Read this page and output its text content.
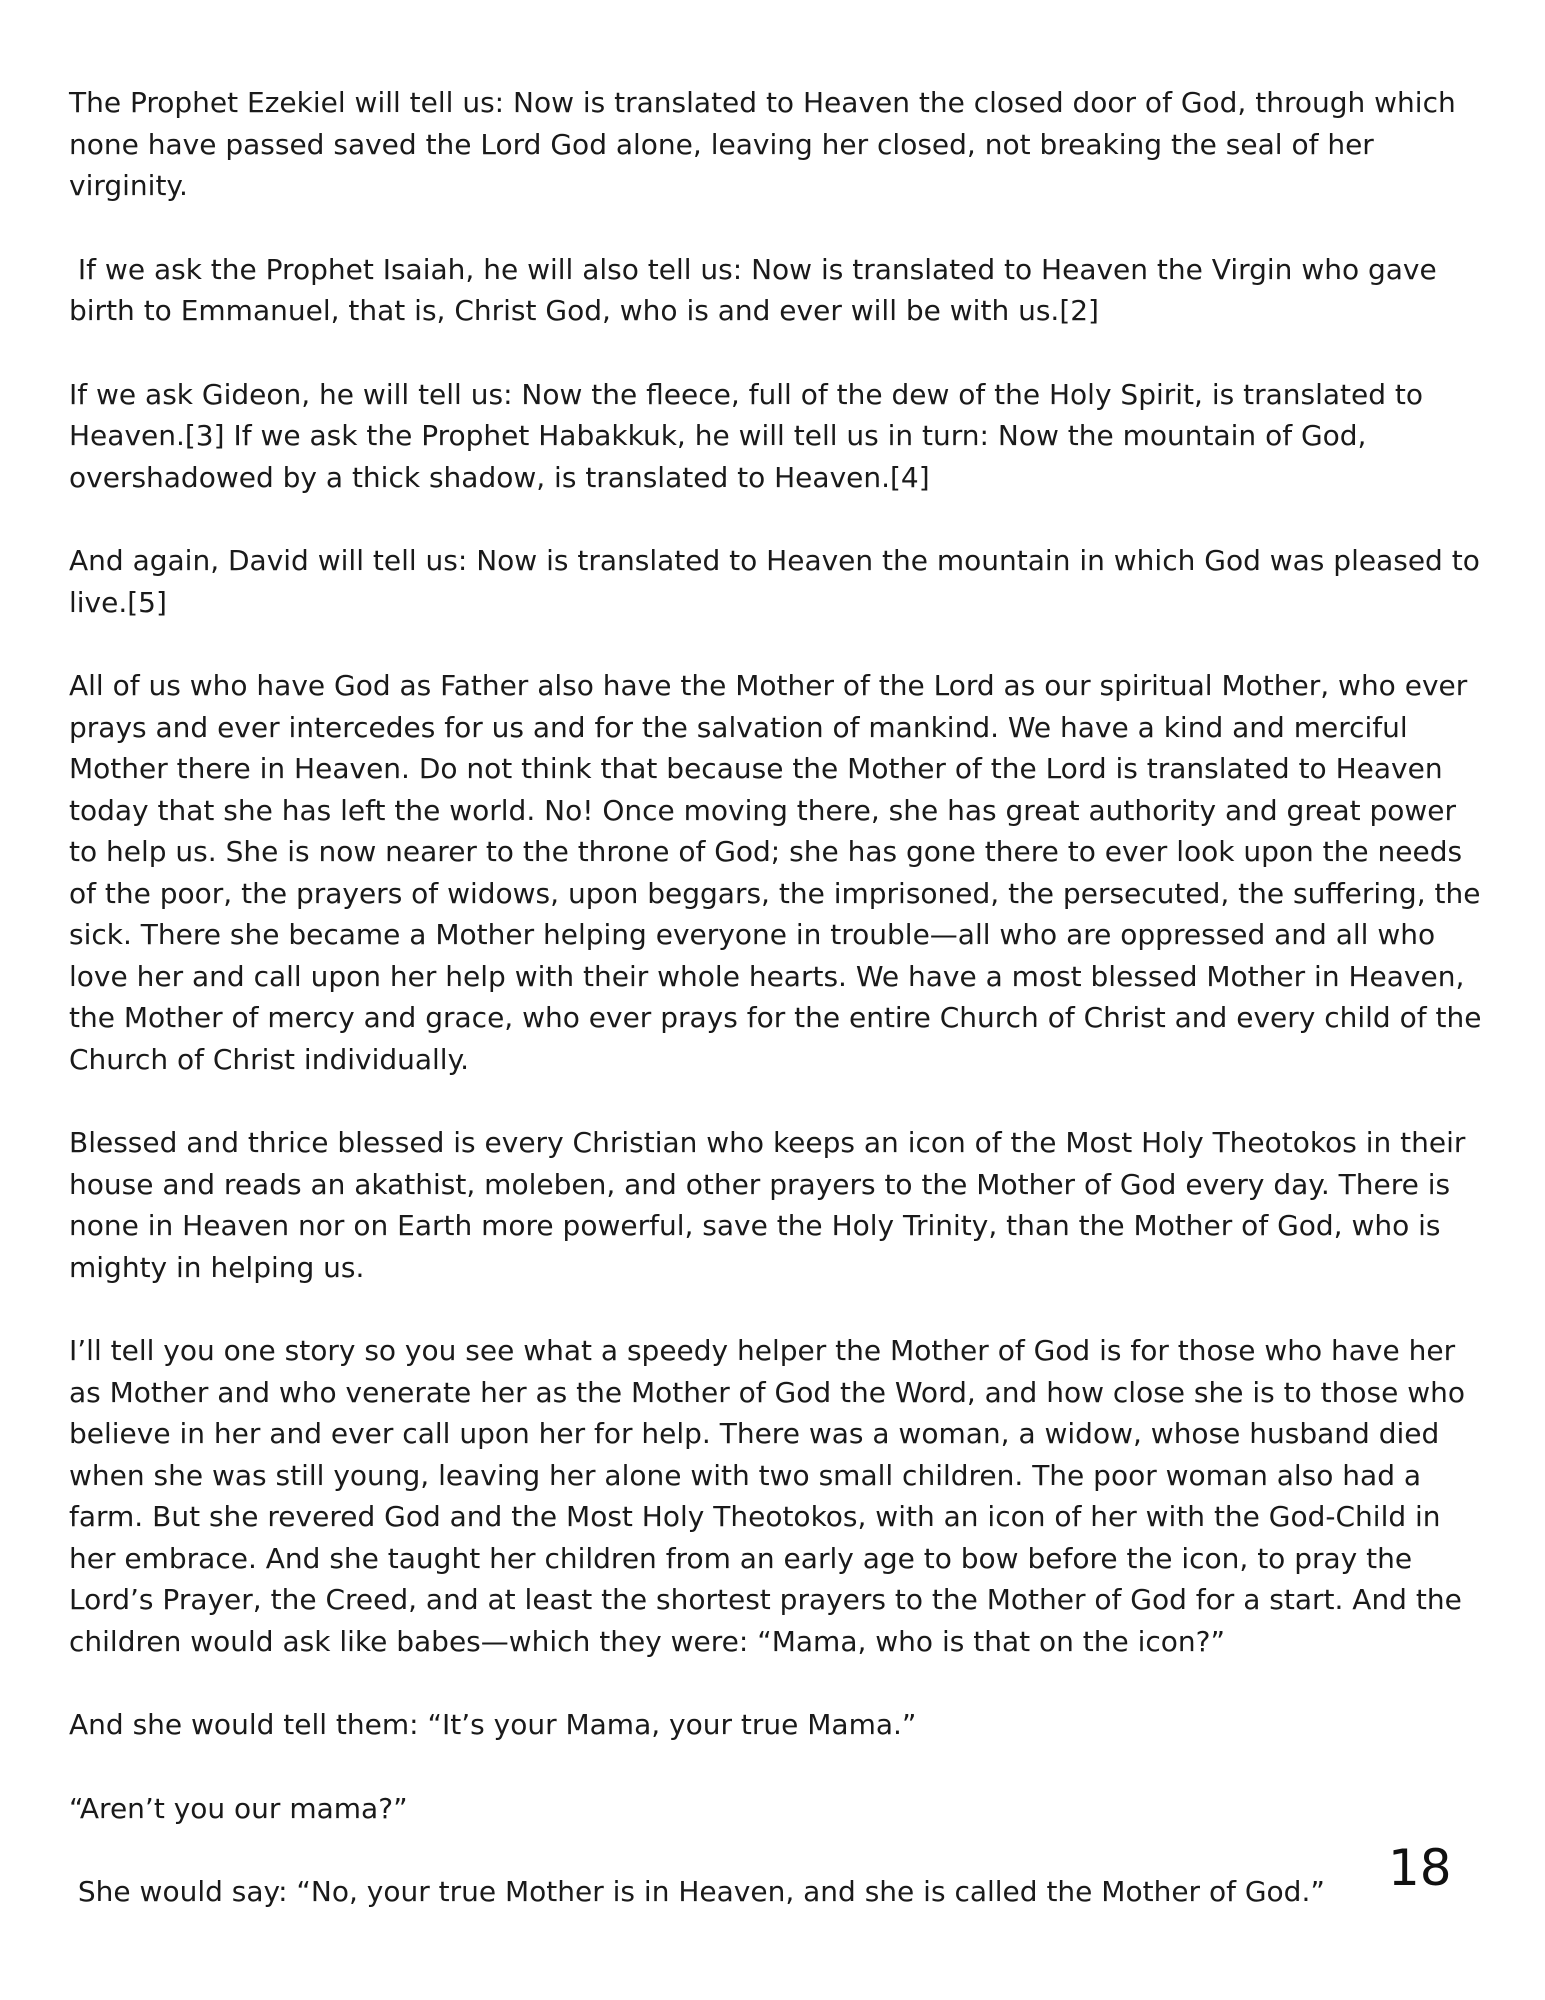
The Prophet Ezekiel will tell us: Now is translated to Heaven the closed door of God, through which none have passed saved the Lord God alone, leaving her closed, not breaking the seal of her virginity.

If we ask the Prophet Isaiah, he will also tell us: Now is translated to Heaven the Virgin who gave birth to Emmanuel, that is, Christ God, who is and ever will be with us.[2]

If we ask Gideon, he will tell us: Now the fleece, full of the dew of the Holy Spirit, is translated to Heaven.[3] If we ask the Prophet Habakkuk, he will tell us in turn: Now the mountain of God, overshadowed by a thick shadow, is translated to Heaven.[4]

And again, David will tell us: Now is translated to Heaven the mountain in which God was pleased to live.[5]

All of us who have God as Father also have the Mother of the Lord as our spiritual Mother, who ever prays and ever intercedes for us and for the salvation of mankind. We have a kind and merciful Mother there in Heaven. Do not think that because the Mother of the Lord is translated to Heaven today that she has left the world. No! Once moving there, she has great authority and great power to help us. She is now nearer to the throne of God; she has gone there to ever look upon the needs of the poor, the prayers of widows, upon beggars, the imprisoned, the persecuted, the suffering, the sick. There she became a Mother helping everyone in trouble—all who are oppressed and all who love her and call upon her help with their whole hearts. We have a most blessed Mother in Heaven, the Mother of mercy and grace, who ever prays for the entire Church of Christ and every child of the Church of Christ individually.

Blessed and thrice blessed is every Christian who keeps an icon of the Most Holy Theotokos in their house and reads an akathist, moleben, and other prayers to the Mother of God every day. There is none in Heaven nor on Earth more powerful, save the Holy Trinity, than the Mother of God, who is mighty in helping us.

I’ll tell you one story so you see what a speedy helper the Mother of God is for those who have her as Mother and who venerate her as the Mother of God the Word, and how close she is to those who believe in her and ever call upon her for help. There was a woman, a widow, whose husband died when she was still young, leaving her alone with two small children. The poor woman also had a farm. But she revered God and the Most Holy Theotokos, with an icon of her with the God-Child in her embrace. And she taught her children from an early age to bow before the icon, to pray the Lord’s Prayer, the Creed, and at least the shortest prayers to the Mother of God for a start. And the children would ask like babes—which they were: “Mama, who is that on the icon?”

And she would tell them: “It’s your Mama, your true Mama.”

“Aren’t you our mama?”

She would say: “No, your true Mother is in Heaven, and she is called the Mother of God.”	18
